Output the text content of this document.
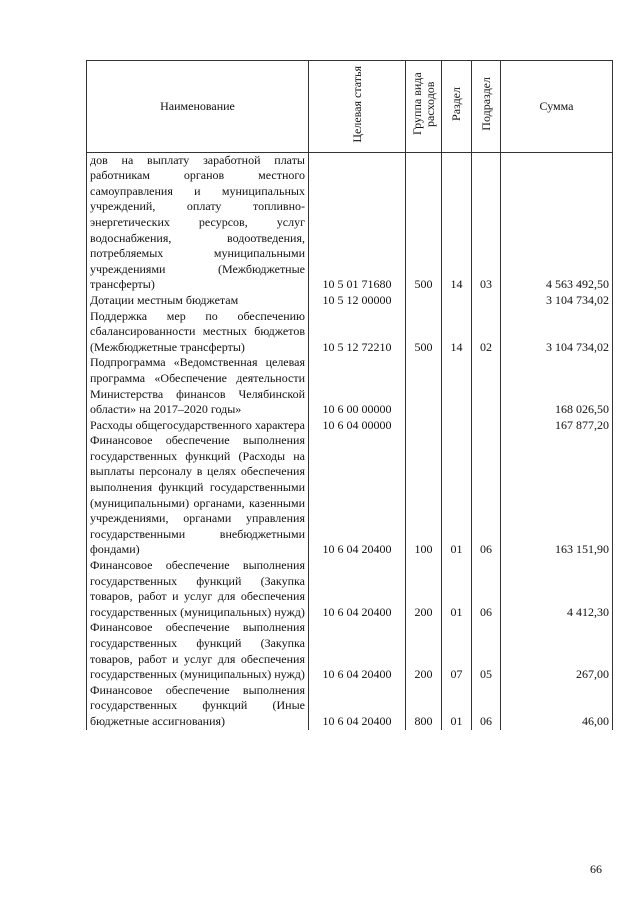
Наименование	Целевая статья	Группа вида расходов	Раздел	Подраздел	Сумма

дов на выплату заработной платы работникам органов местного самоуправления и муниципальных учреждений, оплату топливно-энергетических ресурсов, услуг водоснабжения, водоотведения, потребляемых муниципальными учреждениями (Межбюджетные трансферты)	10 5 01 71680	500	14	03	4 563 492,50
Дотации местным бюджетам	10 5 12 00000				3 104 734,02
Поддержка мер по обеспечению сбалансированности местных бюджетов (Межбюджетные трансферты)	10 5 12 72210	500	14	02	3 104 734,02
Подпрограмма «Ведомственная целевая программа «Обеспечение деятельности Министерства финансов Челябинской области» на 2017–2020 годы»	10 6 00 00000				168 026,50
Расходы общегосударственного характера	10 6 04 00000				167 877,20
Финансовое обеспечение выполнения государственных функций (Расходы на выплаты персоналу в целях обеспечения выполнения функций государственными (муниципальными) органами, казенными учреждениями, органами управления государственными внебюджетными фондами)	10 6 04 20400	100	01	06	163 151,90
Финансовое обеспечение выполнения государственных функций (Закупка товаров, работ и услуг для обеспечения государственных (муниципальных) нужд)	10 6 04 20400	200	01	06	4 412,30
Финансовое обеспечение выполнения государственных функций (Закупка товаров, работ и услуг для обеспечения государственных (муниципальных) нужд)	10 6 04 20400	200	07	05	267,00
Финансовое обеспечение выполнения государственных функций (Иные бюджетные ассигнования)	10 6 04 20400	800	01	06	46,00
66
